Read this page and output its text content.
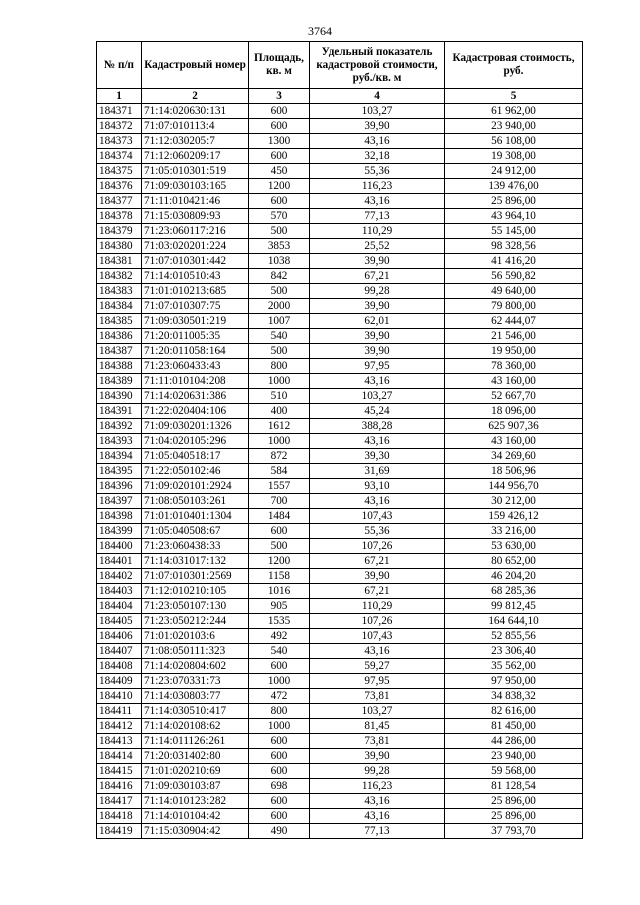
3764
№ п/п	Кадастровый номер	Площадь, кв. м	Удельный показатель кадастровой стоимости, руб./кв. м	Кадастровая стоимость, руб.
1	2	3	4	5
184371	71:14:020630:131	600	103,27	61 962,00
184372	71:07:010113:4	600	39,90	23 940,00
184373	71:12:030205:7	1300	43,16	56 108,00
184374	71:12:060209:17	600	32,18	19 308,00
184375	71:05:010301:519	450	55,36	24 912,00
184376	71:09:030103:165	1200	116,23	139 476,00
184377	71:11:010421:46	600	43,16	25 896,00
184378	71:15:030809:93	570	77,13	43 964,10
184379	71:23:060117:216	500	110,29	55 145,00
184380	71:03:020201:224	3853	25,52	98 328,56
184381	71:07:010301:442	1038	39,90	41 416,20
184382	71:14:010510:43	842	67,21	56 590,82
184383	71:01:010213:685	500	99,28	49 640,00
184384	71:07:010307:75	2000	39,90	79 800,00
184385	71:09:030501:219	1007	62,01	62 444,07
184386	71:20:011005:35	540	39,90	21 546,00
184387	71:20:011058:164	500	39,90	19 950,00
184388	71:23:060433:43	800	97,95	78 360,00
184389	71:11:010104:208	1000	43,16	43 160,00
184390	71:14:020631:386	510	103,27	52 667,70
184391	71:22:020404:106	400	45,24	18 096,00
184392	71:09:030201:1326	1612	388,28	625 907,36
184393	71:04:020105:296	1000	43,16	43 160,00
184394	71:05:040518:17	872	39,30	34 269,60
184395	71:22:050102:46	584	31,69	18 506,96
184396	71:09:020101:2924	1557	93,10	144 956,70
184397	71:08:050103:261	700	43,16	30 212,00
184398	71:01:010401:1304	1484	107,43	159 426,12
184399	71:05:040508:67	600	55,36	33 216,00
184400	71:23:060438:33	500	107,26	53 630,00
184401	71:14:031017:132	1200	67,21	80 652,00
184402	71:07:010301:2569	1158	39,90	46 204,20
184403	71:12:010210:105	1016	67,21	68 285,36
184404	71:23:050107:130	905	110,29	99 812,45
184405	71:23:050212:244	1535	107,26	164 644,10
184406	71:01:020103:6	492	107,43	52 855,56
184407	71:08:050111:323	540	43,16	23 306,40
184408	71:14:020804:602	600	59,27	35 562,00
184409	71:23:070331:73	1000	97,95	97 950,00
184410	71:14:030803:77	472	73,81	34 838,32
184411	71:14:030510:417	800	103,27	82 616,00
184412	71:14:020108:62	1000	81,45	81 450,00
184413	71:14:011126:261	600	73,81	44 286,00
184414	71:20:031402:80	600	39,90	23 940,00
184415	71:01:020210:69	600	99,28	59 568,00
184416	71:09:030103:87	698	116,23	81 128,54
184417	71:14:010123:282	600	43,16	25 896,00
184418	71:14:010104:42	600	43,16	25 896,00
184419	71:15:030904:42	490	77,13	37 793,70
